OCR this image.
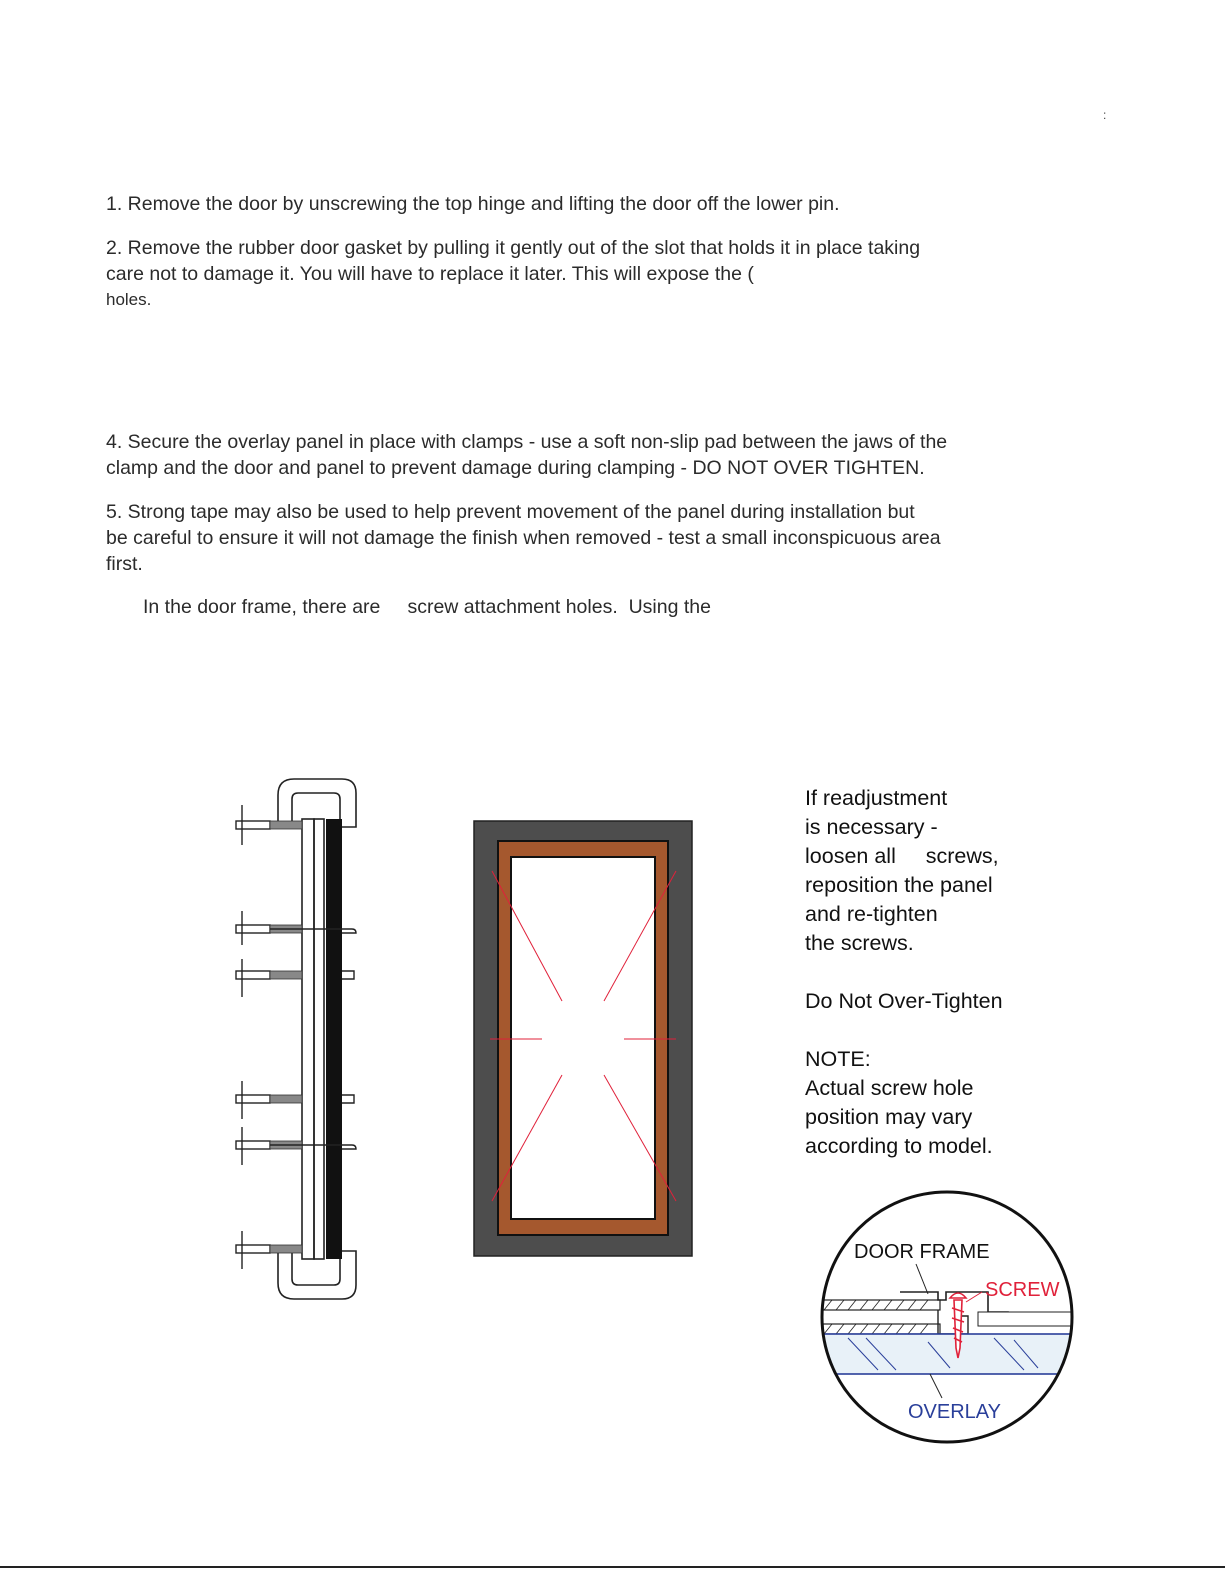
:

1. Remove the door by unscrewing the top hinge and lifting the door off the lower pin.

2. Remove the rubber door gasket by pulling it gently out of the slot that holds it in place taking
care not to damage it. You will have to replace it later. This will expose the (
holes.

4. Secure the overlay panel in place with clamps - use a soft non-slip pad between the jaws of the
clamp and the door and panel to prevent damage during clamping - DO NOT OVER TIGHTEN.

5. Strong tape may also be used to help prevent movement of the panel during installation but
be careful to ensure it will not damage the finish when removed - test a small inconspicuous area
first.

In the door frame, there are     screw attachment holes.  Using the

If readjustment
is necessary -
loosen all     screws,
reposition the panel
and re-tighten
the screws.
Do Not Over-Tighten
NOTE:
Actual screw hole
position may vary
according to model.
DOOR FRAME
SCREW
OVERLAY
